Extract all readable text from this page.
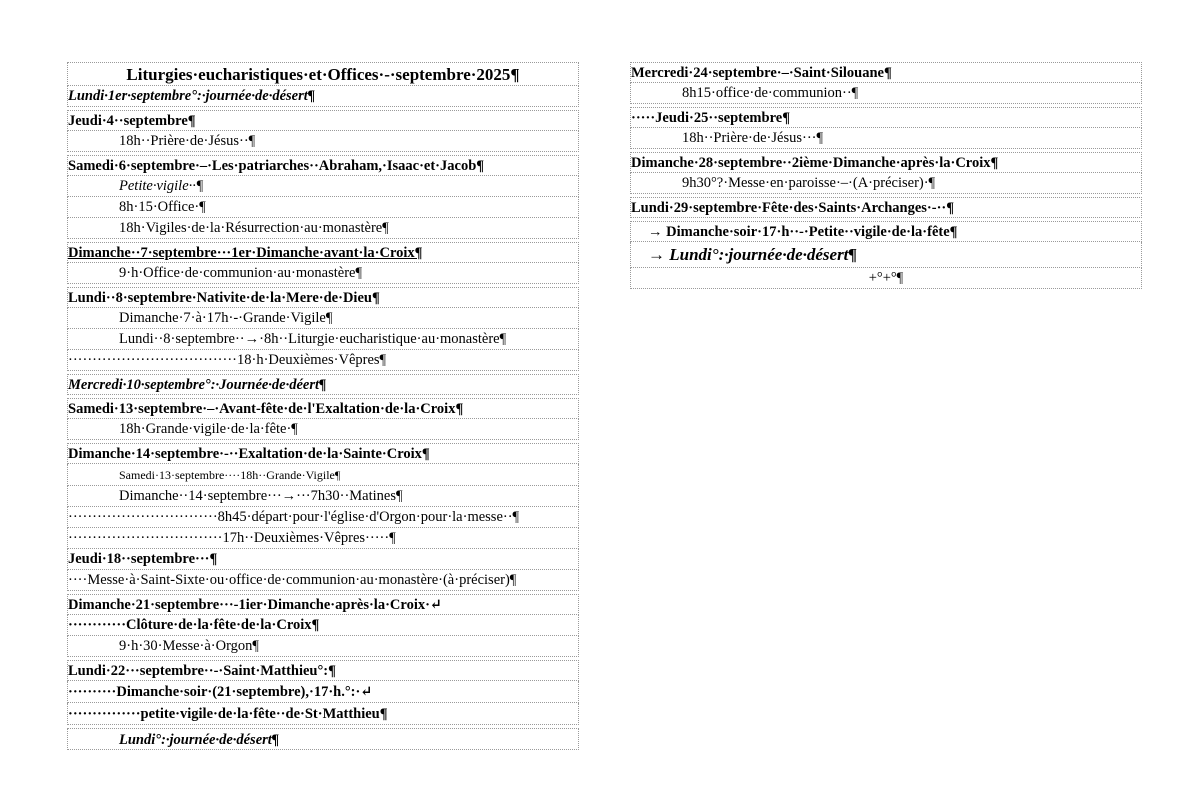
Liturgies·eucharistiques·et·Offices·-·septembre·2025¶
Lundi·1er·septembre°:·journée·de·désert¶
Jeudi·4··septembre¶
18h··Prière·de·Jésus··¶
Samedi·6·septembre·–·Les·patriarches··Abraham,·Isaac·et·Jacob¶
Petite·vigile··¶
8h·15·Office·¶
18h·Vigiles·de·la·Résurrection·au·monastère¶
Dimanche··7·septembre···1er·Dimanche·avant·la·Croix¶
9·h·Office·de·communion·au·monastère¶
Lundi··8·septembre·Nativite·de·la·Mere·de·Dieu¶
Dimanche·7·à·17h·-·Grande·Vigile¶
Lundi··8·septembre··→·8h··Liturgie·eucharistique·au·monastère¶
···································18·h·Deuxièmes·Vêpres¶
Mercredi·10·septembre°:·Journée·de·déert¶
Samedi·13·septembre·–·Avant-fête·de·l'Exaltation·de·la·Croix¶
18h·Grande·vigile·de·la·fête·¶
Dimanche·14·septembre·-··Exaltation·de·la·Sainte·Croix¶
Samedi·13·septembre····18h··Grande·Vigile¶
Dimanche··14·septembre···→···7h30··Matines¶
·······························8h45·départ·pour·l'église·d'Orgon·pour·la·messe··¶
································17h··Deuxièmes·Vêpres·····¶
Jeudi·18··septembre···¶
····Messe·à·Saint-Sixte·ou·office·de·communion·au·monastère·(à·préciser)¶
Dimanche·21·septembre···-1ier·Dimanche·après·la·Croix·↵
············Clôture·de·la·fête·de·la·Croix¶
9·h·30·Messe·à·Orgon¶
Lundi·22···septembre··-·Saint·Matthieu°:¶
··········Dimanche·soir·(21·septembre),·17·h.°:·↵
···············petite·vigile·de·la·fête··de·St·Matthieu¶
Lundi°:·journée·de·désert¶
Mercredi·24·septembre·–·Saint·Silouane¶
8h15·office·de·communion··¶
·····Jeudi·25··septembre¶
18h··Prière·de·Jésus···¶
Dimanche·28·septembre··2ième·Dimanche·après·la·Croix¶
9h30°?·Messe·en·paroisse·–·(A·préciser)·¶
Lundi·29·septembre·Fête·des·Saints·Archanges·-··¶
→ Dimanche·soir·17·h··-·Petite··vigile·de·la·fête¶
→ Lundi°:·journée·de·désert¶
+°+°¶
